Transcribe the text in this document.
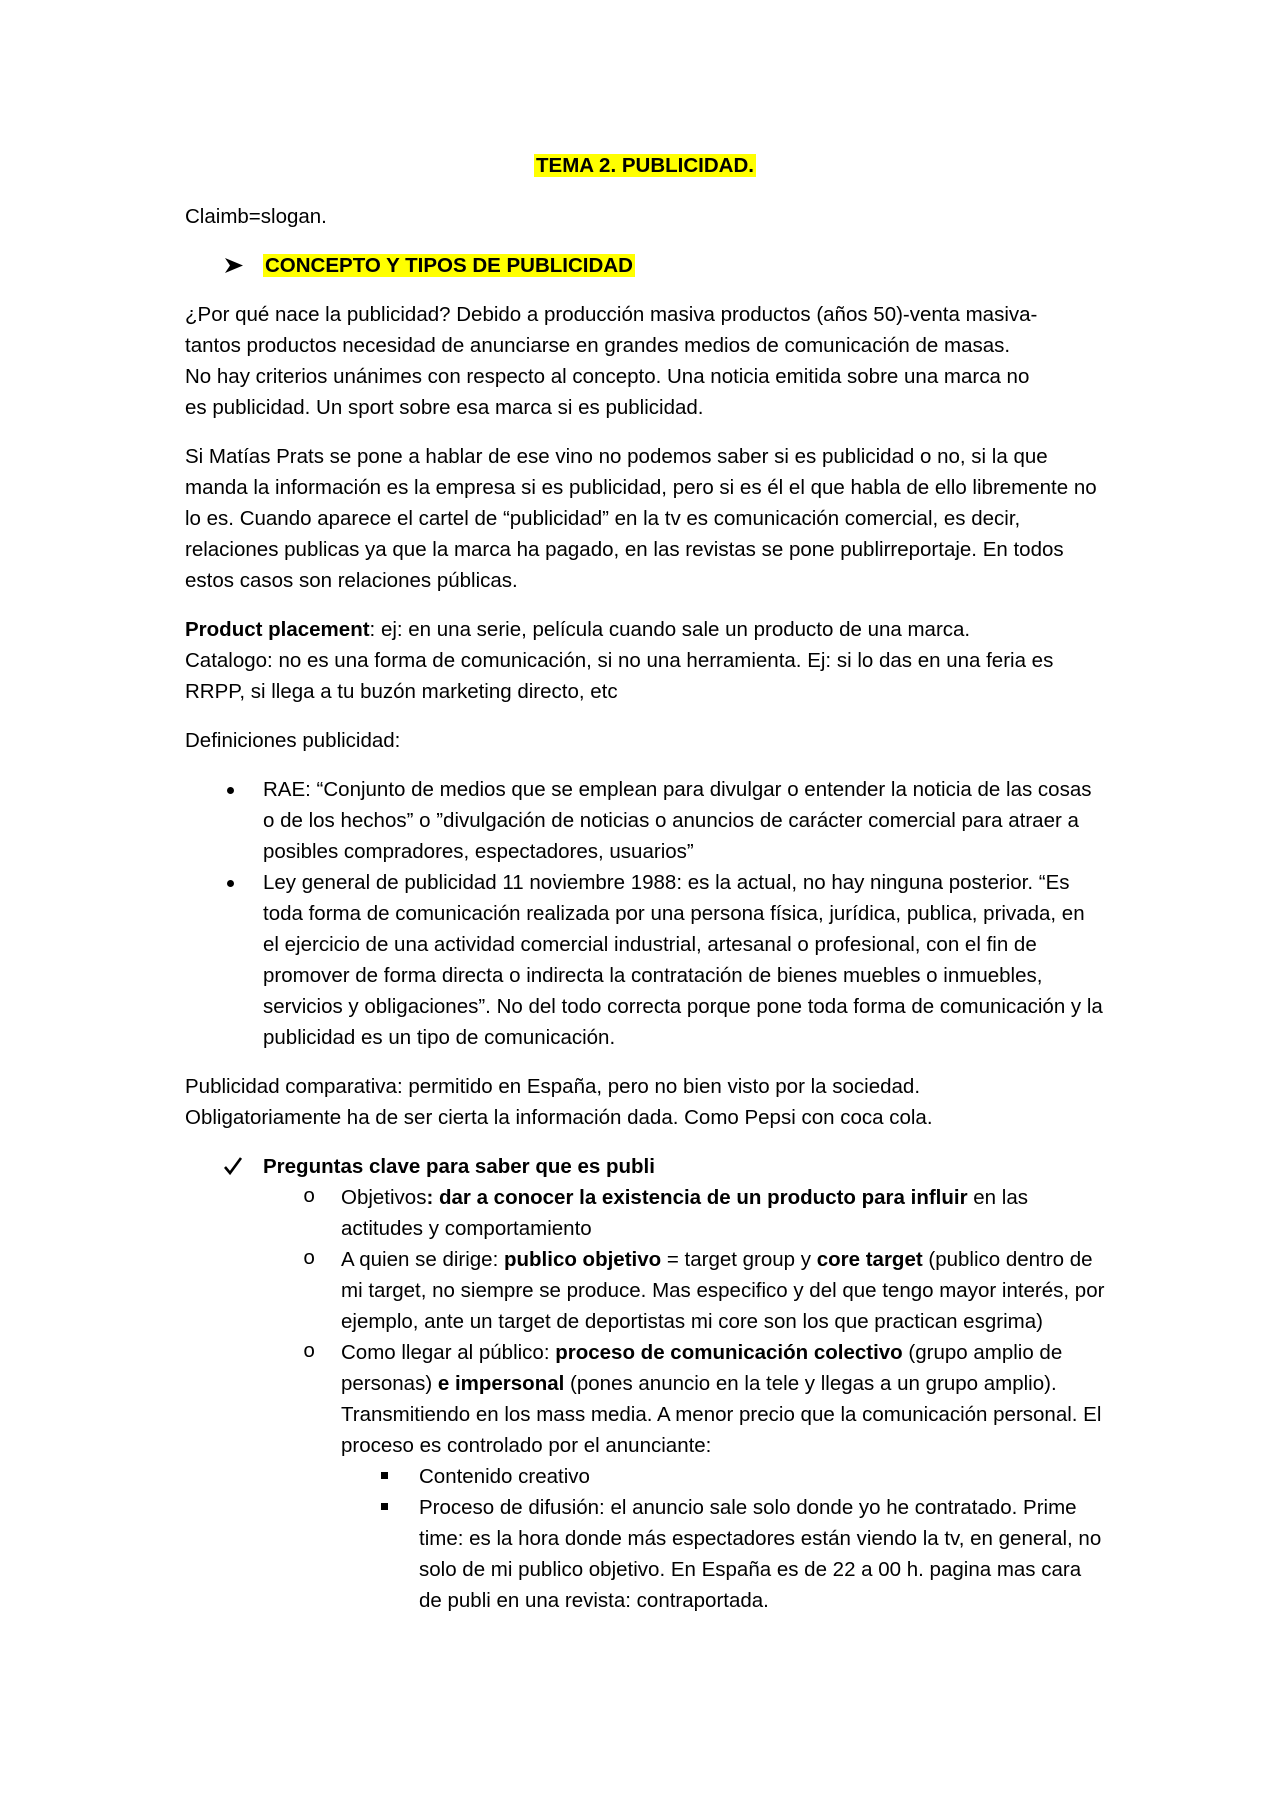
TEMA 2. PUBLICIDAD.

Claimb=slogan.

CONCEPTO Y TIPOS DE PUBLICIDAD

¿Por qué nace la publicidad? Debido a producción masiva productos (años 50)-venta masiva-
tantos productos necesidad de anunciarse en grandes medios de comunicación de masas.
No hay criterios unánimes con respecto al concepto. Una noticia emitida sobre una marca no
es publicidad. Un sport sobre esa marca si es publicidad.

Si Matías Prats se pone a hablar de ese vino no podemos saber si es publicidad o no, si la que manda la información es la empresa si es publicidad, pero si es él el que habla de ello libremente no lo es. Cuando aparece el cartel de “publicidad” en la tv es comunicación comercial, es decir, relaciones publicas ya que la marca ha pagado, en las revistas se pone publirreportaje. En todos estos casos son relaciones públicas.

Product placement: ej: en una serie, película cuando sale un producto de una marca.
Catalogo: no es una forma de comunicación, si no una herramienta. Ej: si lo das en una feria es RRPP, si llega a tu buzón marketing directo, etc

Definiciones publicidad:

RAE: “Conjunto de medios que se emplean para divulgar o entender la noticia de las cosas o de los hechos” o ”divulgación de noticias o anuncios de carácter comercial para atraer a posibles compradores, espectadores, usuarios”
Ley general de publicidad 11 noviembre 1988: es la actual, no hay ninguna posterior. “Es toda forma de comunicación realizada por una persona física, jurídica, publica, privada, en el ejercicio de una actividad comercial industrial, artesanal o profesional, con el fin de promover de forma directa o indirecta la contratación de bienes muebles o inmuebles, servicios y obligaciones”. No del todo correcta porque pone toda forma de comunicación y la publicidad es un tipo de comunicación.

Publicidad comparativa: permitido en España, pero no bien visto por la sociedad.
Obligatoriamente ha de ser cierta la información dada. Como Pepsi con coca cola.

Preguntas clave para saber que es publi
o Objetivos: dar a conocer la existencia de un producto para influir en las actitudes y comportamiento
o A quien se dirige: publico objetivo = target group y core target (publico dentro de mi target, no siempre se produce. Mas especifico y del que tengo mayor interés, por ejemplo, ante un target de deportistas mi core son los que practican esgrima)
o Como llegar al público: proceso de comunicación colectivo (grupo amplio de personas) e impersonal (pones anuncio en la tele y llegas a un grupo amplio). Transmitiendo en los mass media. A menor precio que la comunicación personal. El proceso es controlado por el anunciante:
Contenido creativo
Proceso de difusión: el anuncio sale solo donde yo he contratado. Prime time: es la hora donde más espectadores están viendo la tv, en general, no solo de mi publico objetivo. En España es de 22 a 00 h. pagina mas cara de publi en una revista: contraportada.
